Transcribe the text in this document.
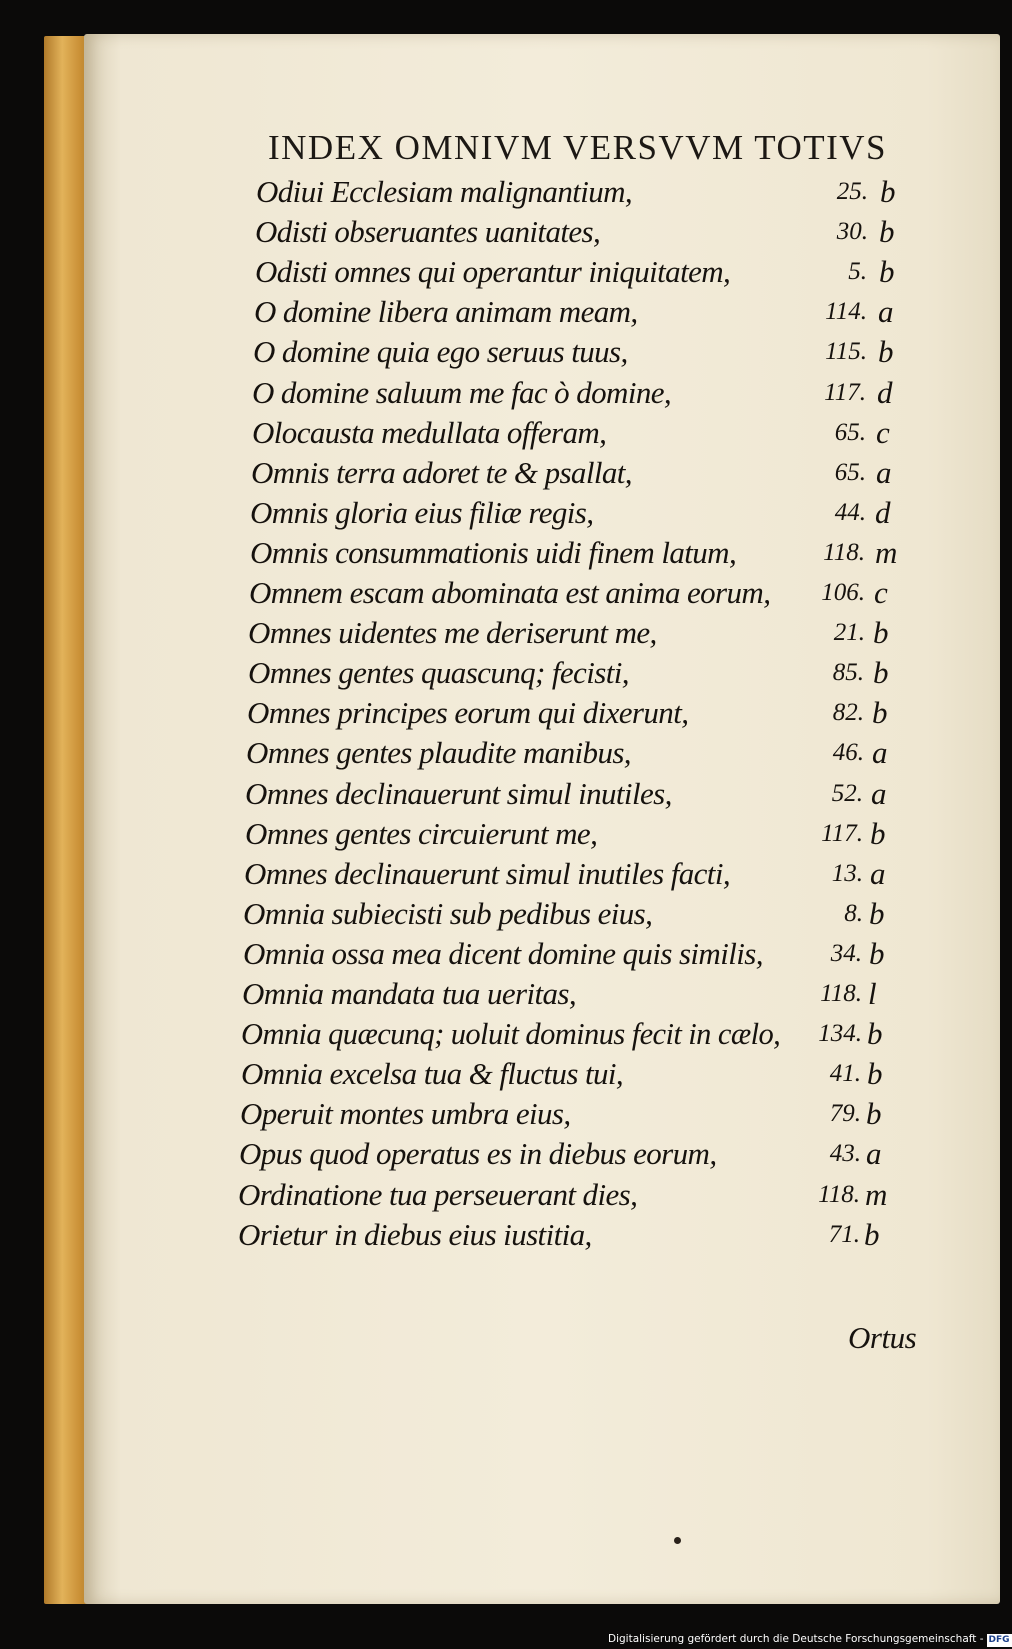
INDEX OMNIVM VERSVVM TOTIVS
Odiui Ecclesiam malignantium,	25. b
Odisti obseruantes uanitates,	30. b
Odisti omnes qui operantur iniquitatem,	5. b
O domine libera animam meam,	114. a
O domine quia ego seruus tuus,	115. b
O domine saluum me fac ò domine,	117. d
Olocausta medullata offeram,	65. c
Omnis terra adoret te & psallat,	65. a
Omnis gloria eius filiæ regis,	44. d
Omnis consummationis uidi finem latum,	118. m
Omnem escam abominata est anima eorum,	106. c
Omnes uidentes me deriserunt me,	21. b
Omnes gentes quascunq; fecisti,	85. b
Omnes principes eorum qui dixerunt,	82. b
Omnes gentes plaudite manibus,	46. a
Omnes declinauerunt simul inutiles,	52. a
Omnes gentes circuierunt me,	117. b
Omnes declinauerunt simul inutiles facti,	13. a
Omnia subiecisti sub pedibus eius,	8. b
Omnia ossa mea dicent domine quis similis,	34. b
Omnia mandata tua ueritas,	118. l
Omnia quæcunq; uoluit dominus fecit in cælo,	134. b
Omnia excelsa tua & fluctus tui,	41. b
Operuit montes umbra eius,	79. b
Opus quod operatus es in diebus eorum,	43. a
Ordinatione tua perseuerant dies,	118. m
Orietur in diebus eius iustitia,	71. b
Ortus
Digitalisierung gefördert durch die Deutsche Forschungsgemeinschaft - DFG
